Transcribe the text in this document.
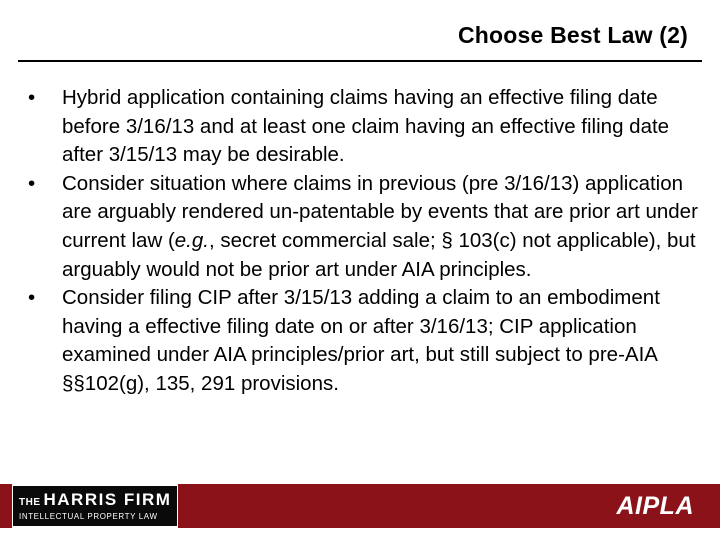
Choose Best Law (2)
• Hybrid application containing claims having an effective filing date before 3/16/13 and at least one claim having an effective filing date after 3/15/13 may be desirable.
• Consider situation where claims in previous (pre 3/16/13) application are arguably rendered un-patentable by events that are prior art under current law (e.g., secret commercial sale; § 103(c) not applicable), but arguably would not be prior art under AIA principles.
• Consider filing CIP after 3/15/13 adding a claim to an embodiment having a effective filing date on or after 3/16/13; CIP application examined under AIA principles/prior art, but still subject to pre-AIA §§102(g), 135, 291 provisions.
THE HARRIS FIRM
INTELLECTUAL PROPERTY LAW	AIPLA
